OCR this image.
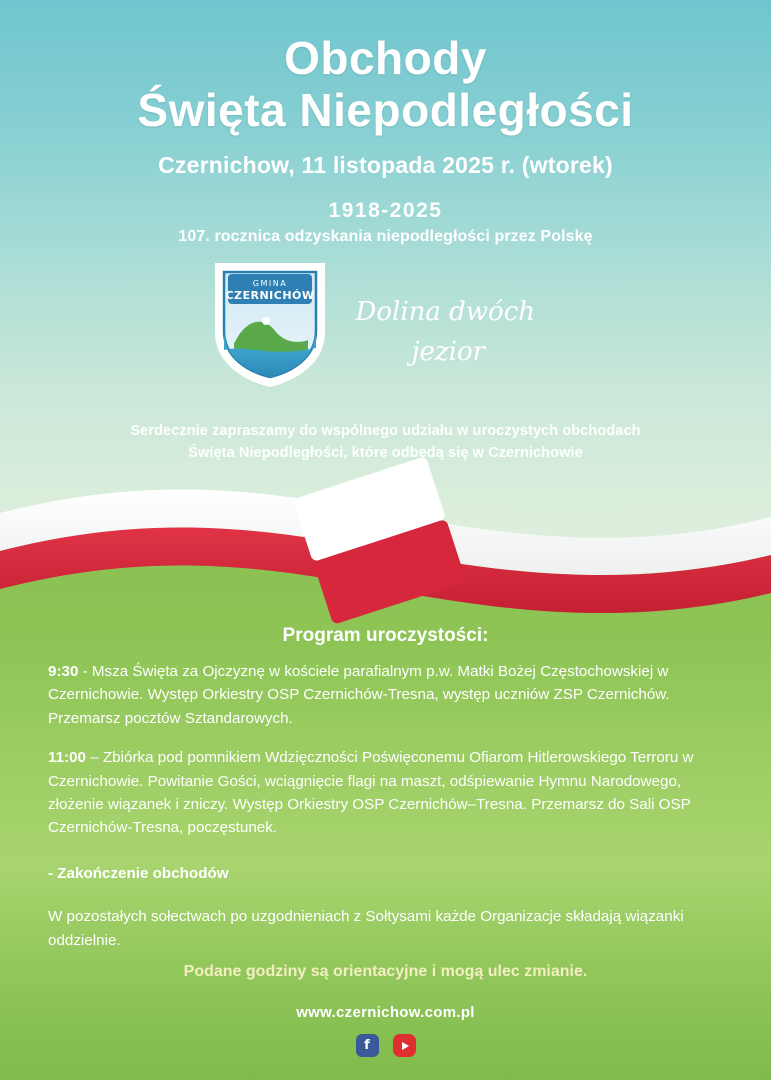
Obchody
Święta Niepodległości
Czernichow, 11 listopada 2025 r. (wtorek)
1918-2025
107. rocznica odzyskania niepodległości przez Polskę
GMINA
CZERNICHÓW
Dolina dwóch
jezior
Serdecznie zapraszamy do wspólnego udziału w uroczystych obchodach
Święta Niepodległości, które odbędą się w Czernichowie
Program uroczystości:
9:30 - Msza Święta za Ojczyznę w kościele parafialnym p.w. Matki Bożej Częstochowskiej w Czernichowie. Występ Orkiestry OSP Czernichów-Tresna, występ uczniów ZSP Czernichów. Przemarsz pocztów Sztandarowych.
11:00 – Zbiórka pod pomnikiem Wdzięczności Poświęconemu Ofiarom Hitlerowskiego Terroru w Czernichowie. Powitanie Gości, wciągnięcie flagi na maszt, odśpiewanie Hymnu Narodowego, złożenie wiązanek i zniczy. Występ Orkiestry OSP Czernichów–Tresna. Przemarsz do Sali OSP Czernichów-Tresna, poczęstunek.
- Zakończenie obchodów
W pozostałych sołectwach po uzgodnieniach z Sołtysami każde Organizacje składają wiązanki oddzielnie.
Podane godziny są orientacyjne i mogą ulec zmianie.
www.czernichow.com.pl
f
